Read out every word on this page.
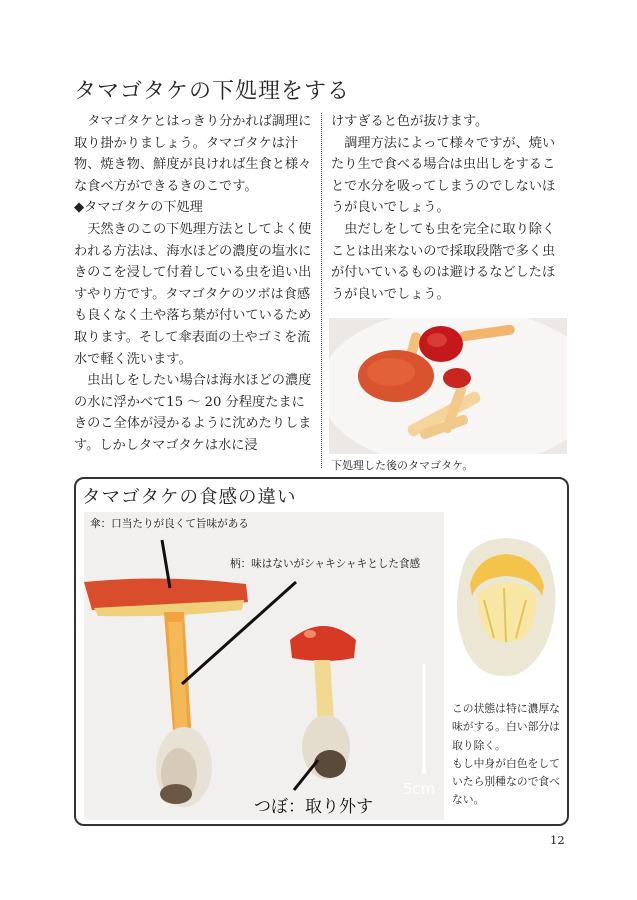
タマゴタケの下処理をする

タマゴタケとはっきり分かれば調理に取り掛かりましょう。タマゴタケは汁物、焼き物、鮮度が良ければ生食と様々な食べ方ができるきのこです。

◆タマゴタケの下処理

天然きのこの下処理方法としてよく使われる方法は、海水ほどの濃度の塩水にきのこを浸して付着している虫を追い出すやり方です。タマゴタケのツボは食感も良くなく土や落ち葉が付いているため取ります。そして傘表面の土やゴミを流水で軽く洗います。

虫出しをしたい場合は海水ほどの濃度の水に浮かべて15 〜 20 分程度たまにきのこ全体が浸かるように沈めたりします。しかしタマゴタケは水に浸

けすぎると色が抜けます。

調理方法によって様々ですが、焼いたり生で食べる場合は虫出しをすることで水分を吸ってしまうのでしないほうが良いでしょう。

虫だしをしても虫を完全に取り除くことは出来ないので採取段階で多く虫が付いているものは避けるなどしたほうが良いでしょう。

下処理した後のタマゴタケ。
タマゴタケの食感の違い
傘：口当たりが良くて旨味がある
柄：味はないがシャキシャキとした食感
つぼ：取り外す
5cm
この状態は特に濃厚な
味がする。白い部分は
取り除く。
もし中身が白色をして
いたら別種なので食べ
ない。
12
